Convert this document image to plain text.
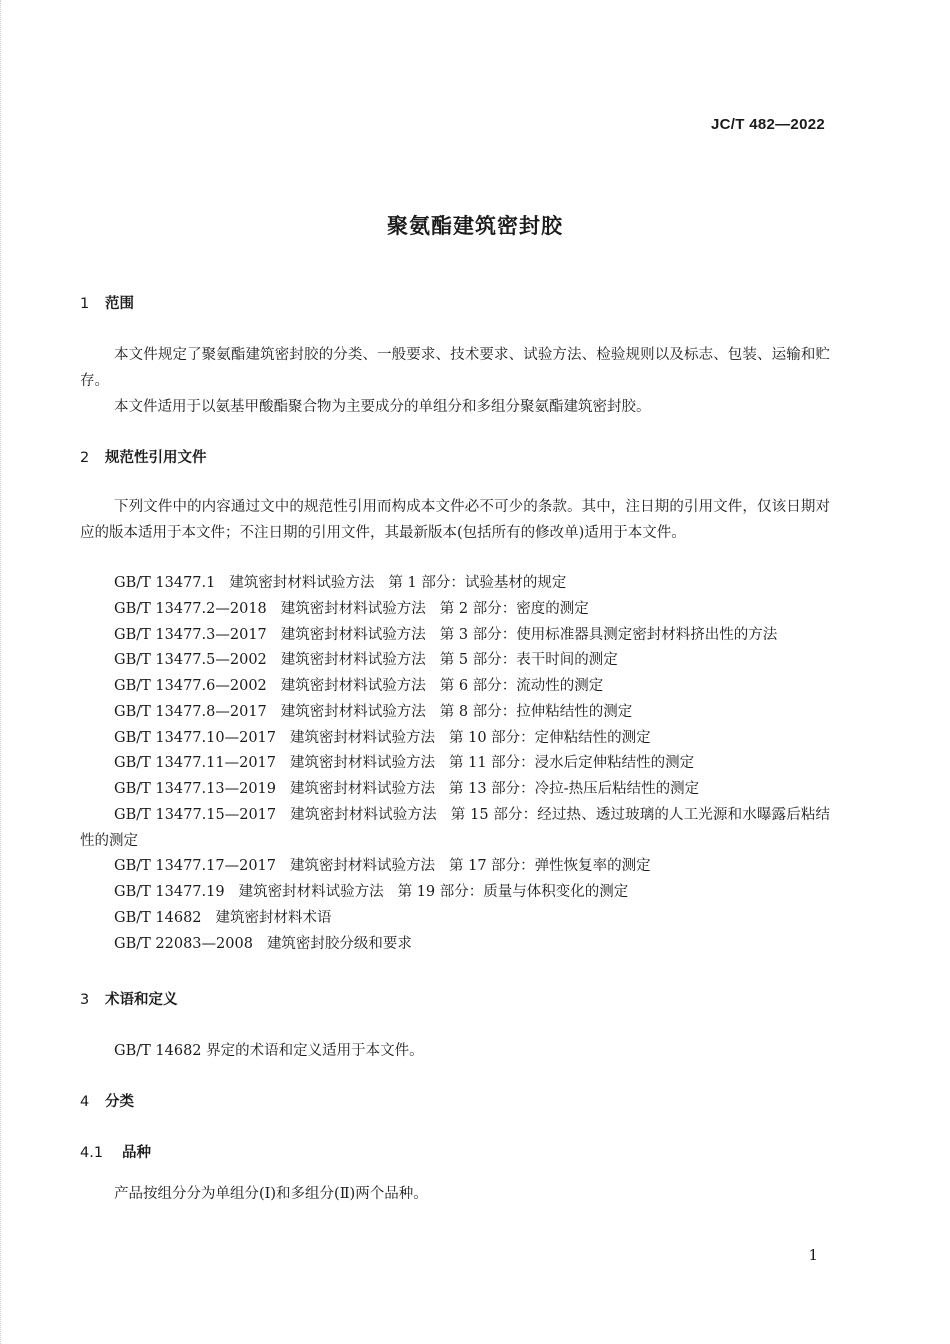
JC/T 482—2022
聚氨酯建筑密封胶
1 范围
本文件规定了聚氨酯建筑密封胶的分类、一般要求、技术要求、试验方法、检验规则以及标志、包装、运输和贮存。
本文件适用于以氨基甲酸酯聚合物为主要成分的单组分和多组分聚氨酯建筑密封胶。
2 规范性引用文件
下列文件中的内容通过文中的规范性引用而构成本文件必不可少的条款。其中，注日期的引用文件，仅该日期对应的版本适用于本文件；不注日期的引用文件，其最新版本(包括所有的修改单)适用于本文件。
GB/T 13477.1 建筑密封材料试验方法 第 1 部分：试验基材的规定
GB/T 13477.2—2018 建筑密封材料试验方法 第 2 部分：密度的测定
GB/T 13477.3—2017 建筑密封材料试验方法 第 3 部分：使用标准器具测定密封材料挤出性的方法
GB/T 13477.5—2002 建筑密封材料试验方法 第 5 部分：表干时间的测定
GB/T 13477.6—2002 建筑密封材料试验方法 第 6 部分：流动性的测定
GB/T 13477.8—2017 建筑密封材料试验方法 第 8 部分：拉伸粘结性的测定
GB/T 13477.10—2017 建筑密封材料试验方法 第 10 部分：定伸粘结性的测定
GB/T 13477.11—2017 建筑密封材料试验方法 第 11 部分：浸水后定伸粘结性的测定
GB/T 13477.13—2019 建筑密封材料试验方法 第 13 部分：冷拉-热压后粘结性的测定
GB/T 13477.15—2017 建筑密封材料试验方法 第 15 部分：经过热、透过玻璃的人工光源和水曝露后粘结性的测定
GB/T 13477.17—2017 建筑密封材料试验方法 第 17 部分：弹性恢复率的测定
GB/T 13477.19 建筑密封材料试验方法 第 19 部分：质量与体积变化的测定
GB/T 14682 建筑密封材料术语
GB/T 22083—2008 建筑密封胶分级和要求
3 术语和定义
GB/T 14682 界定的术语和定义适用于本文件。
4 分类
4.1 品种
产品按组分分为单组分(Ⅰ)和多组分(Ⅱ)两个品种。
1
